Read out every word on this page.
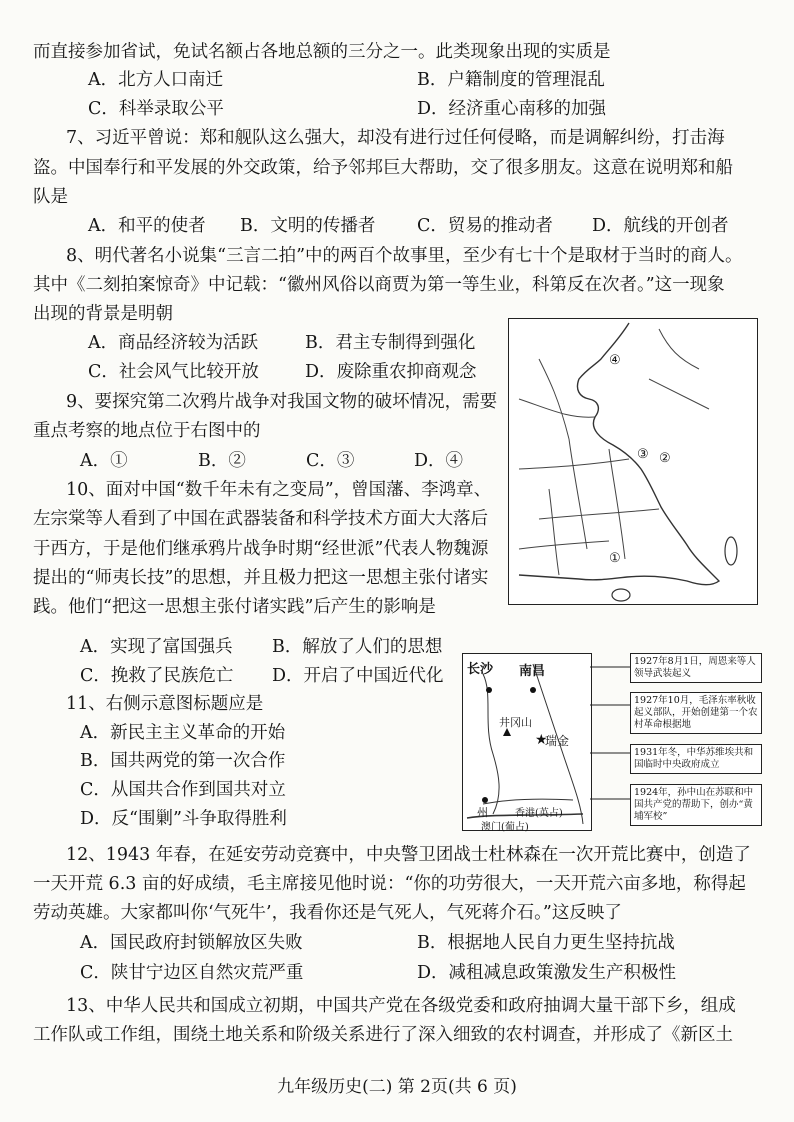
而直接参加省试，免试名额占各地总额的三分之一。此类现象出现的实质是
A．北方人口南迁	B．户籍制度的管理混乱
C．科举录取公平	D．经济重心南移的加强
7、习近平曾说：郑和舰队这么强大，却没有进行过任何侵略，而是调解纠纷，打击海
盗。中国奉行和平发展的外交政策，给予邻邦巨大帮助，交了很多朋友。这意在说明郑和船
队是
A．和平的使者 B．文明的传播者 C．贸易的推动者 D．航线的开创者
8、明代著名小说集“三言二拍”中的两百个故事里，至少有七十个是取材于当时的商人。
其中《二刻拍案惊奇》中记载：“徽州风俗以商贾为第一等生业，科第反在次者。”这一现象
出现的背景是明朝
A．商品经济较为活跃	B．君主专制得到强化
C．社会风气比较开放	D．废除重农抑商观念
9、要探究第二次鸦片战争对我国文物的破坏情况，需要
重点考察的地点位于右图中的
A．①	B．②	C．③	D．④
10、面对中国“数千年未有之变局”，曾国藩、李鸿章、
左宗棠等人看到了中国在武器装备和科学技术方面大大落后
于西方，于是他们继承鸦片战争时期“经世派”代表人物魏源
提出的“师夷长技”的思想，并且极力把这一思想主张付诸实
践。他们“把这一思想主张付诸实践”后产生的影响是
A．实现了富国强兵 B．解放了人们的思想
C．挽救了民族危亡 D．开启了中国近代化
11、右侧示意图标题应是
A．新民主主义革命的开始
B．国共两党的第一次合作
C．从国共合作到国共对立
D．反“围剿”斗争取得胜利
12、1943 年春，在延安劳动竞赛中，中央警卫团战士杜林森在一次开荒比赛中，创造了
一天开荒 6.3 亩的好成绩，毛主席接见他时说：“你的功劳很大，一天开荒六亩多地，称得起
劳动英雄。大家都叫你‘气死牛’，我看你还是气死人，气死蒋介石。”这反映了
A．国民政府封锁解放区失败	B．根据地人民自力更生坚持抗战
C．陕甘宁边区自然灾荒严重	D．减租减息政策激发生产积极性
13、中华人民共和国成立初期，中国共产党在各级党委和政府抽调大量干部下乡，组成
工作队或工作组，围绕土地关系和阶级关系进行了深入细致的农村调查，并形成了《新区土
④
③ ②
①
★
长沙 南昌
井冈山
瑞金
州	香港(英占)
澳门(葡占)
1927年8月1日，周恩来等人领导武装起义
1927年10月，毛泽东率秋收起义部队，开始创建第一个农村革命根据地
1931年冬，中华苏维埃共和国临时中央政府成立
1924年，孙中山在苏联和中国共产党的帮助下，创办“黄埔军校”
九年级历史(二) 第 2页(共 6 页)
